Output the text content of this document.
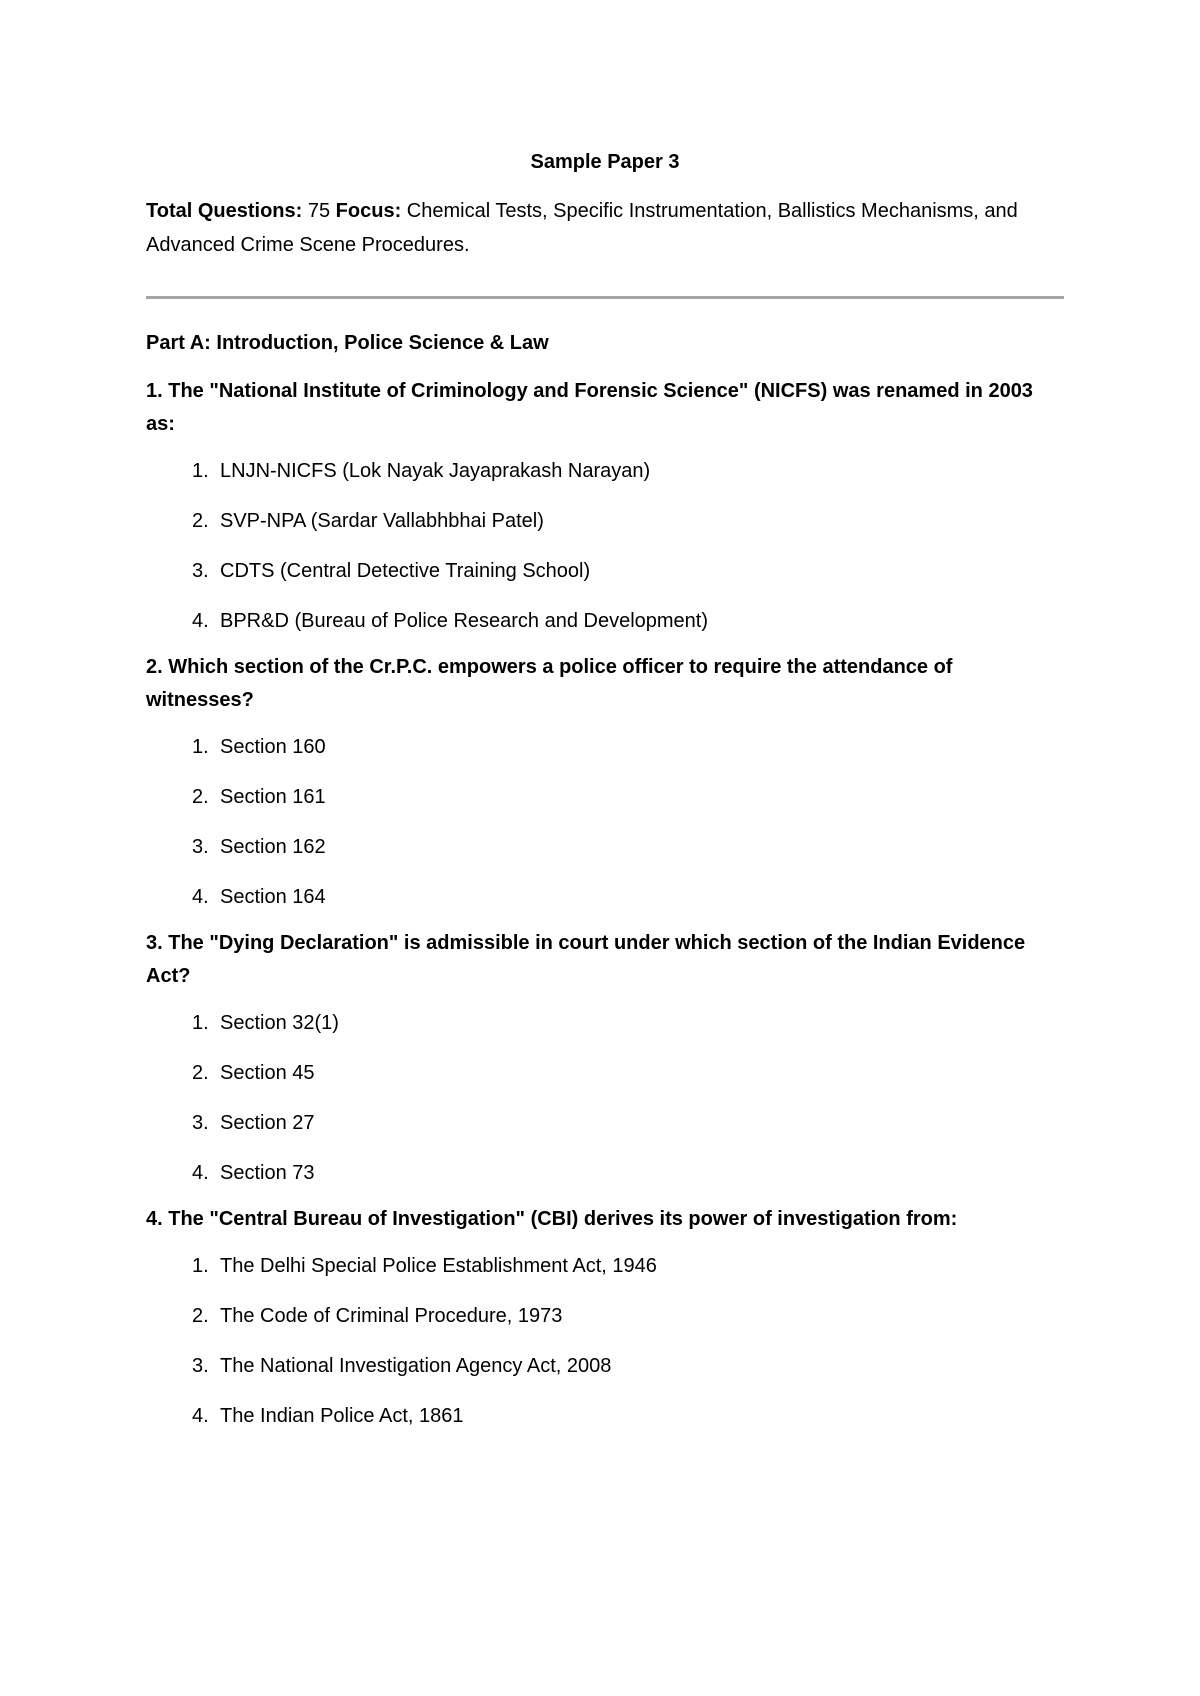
Sample Paper 3

Total Questions: 75 Focus: Chemical Tests, Specific Instrumentation, Ballistics Mechanisms, and Advanced Crime Scene Procedures.

Part A: Introduction, Police Science & Law
1. The "National Institute of Criminology and Forensic Science" (NICFS) was renamed in 2003 as:
1. LNJN-NICFS (Lok Nayak Jayaprakash Narayan)
2. SVP-NPA (Sardar Vallabhbhai Patel)
3. CDTS (Central Detective Training School)
4. BPR&D (Bureau of Police Research and Development)
2. Which section of the Cr.P.C. empowers a police officer to require the attendance of witnesses?
1. Section 160
2. Section 161
3. Section 162
4. Section 164
3. The "Dying Declaration" is admissible in court under which section of the Indian Evidence Act?
1. Section 32(1)
2. Section 45
3. Section 27
4. Section 73
4. The "Central Bureau of Investigation" (CBI) derives its power of investigation from:
1. The Delhi Special Police Establishment Act, 1946
2. The Code of Criminal Procedure, 1973
3. The National Investigation Agency Act, 2008
4. The Indian Police Act, 1861
